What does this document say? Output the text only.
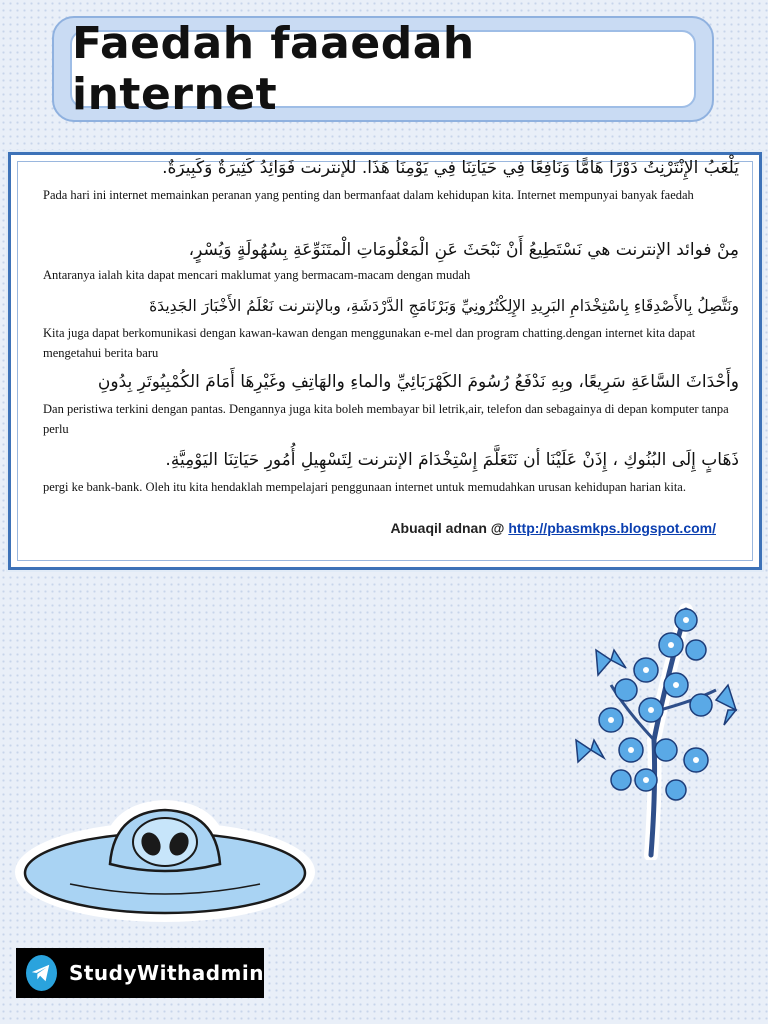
Faedah faaedah internet
يَلْعَبُ الإِنْتَرْنِتُ دَوْرًا هَامًّا وَنَافِعًا فِي حَيَاتِنَا فِي يَوْمِنَا هَذَا. للإنترنت فَوَائِدُ كَثِيرَةٌ وَكَبِيرَةٌ.
Pada hari ini internet memainkan peranan yang penting dan bermanfaat dalam kehidupan kita. Internet mempunyai banyak faedah
مِنْ فوائد الإنترنت هي نَسْتَطِيعُ أَنْ نَبْحَثَ عَنِ الْمَعْلُومَاتِ الْمتَنَوِّعَةِ بِسُهُولَةٍ وَيُسْرٍ،
Antaranya ialah kita dapat mencari maklumat yang bermacam-macam dengan mudah
ونَتَّصِلُ بِالأَصْدِقَاءِ بِاسْتِخْدَامِ البَرِيدِ الإِلِكْتُرُونِيِّ وَبَرْنَامَجِ الدَّرْدَشَةِ، وبالإنترنت نَعْلَمُ الأَخْبَارَ الجَدِيدَةَ
Kita juga dapat berkomunikasi dengan kawan-kawan dengan menggunakan e-mel dan program chatting.dengan internet kita dapat mengetahui berita baru
وأَحْدَاثَ السَّاعَةِ سَرِيعًا، وبِهِ نَدْفَعُ رُسُومَ الكَهْرَبَائِيِّ والماءِ والهَاتِفِ وغَيْرِهَا أَمَامَ الكُمْبِيُوتَرِ بِدُونِ
Dan peristiwa terkini dengan pantas. Dengannya juga kita boleh membayar bil letrik,air, telefon dan sebagainya di depan komputer tanpa perlu
ذَهَابٍ إِلَى البُنُوكِ ، إِذَنْ عَلَيْنَا أن نَتَعَلَّمَ إِسْتِخْدَامَ الإنترنت لِتَسْهِيلِ أُمُورِ حَيَاتِنَا اليَوْمِيَّةِ.
pergi ke bank-bank. Oleh itu kita hendaklah mempelajari penggunaan internet untuk memudahkan urusan kehidupan harian kita.
Abuaqil adnan @ http://pbasmkps.blogspot.com/
StudyWithadmin
